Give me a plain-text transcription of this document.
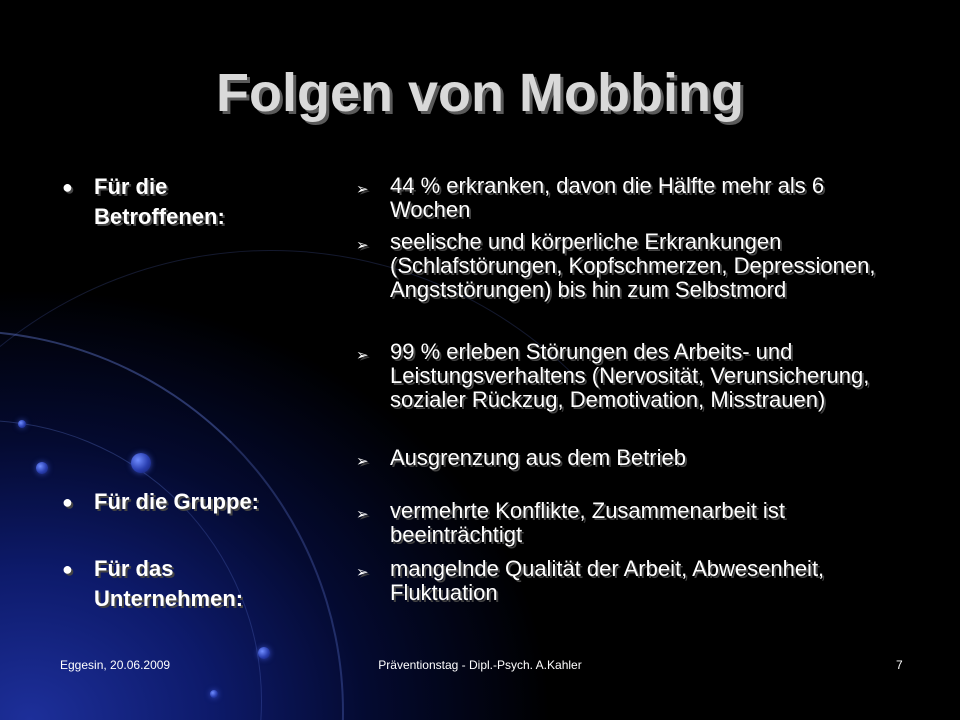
Folgen von Mobbing
● Für die Betroffenen:
● Für die Gruppe:
● Für das Unternehmen:
➢ 44 % erkranken, davon die Hälfte mehr als 6 Wochen
➢ seelische und körperliche Erkrankungen (Schlafstörungen, Kopfschmerzen, Depressionen, Angststörungen) bis hin zum Selbstmord
➢ 99 % erleben Störungen des Arbeits- und Leistungsverhaltens (Nervosität, Verunsicherung, sozialer Rückzug, Demotivation, Misstrauen)
➢ Ausgrenzung aus dem Betrieb
➢ vermehrte Konflikte, Zusammenarbeit ist beeinträchtigt
➢ mangelnde Qualität der Arbeit, Abwesenheit, Fluktuation
Eggesin, 20.06.2009	Präventionstag - Dipl.-Psych. A.Kahler	7
